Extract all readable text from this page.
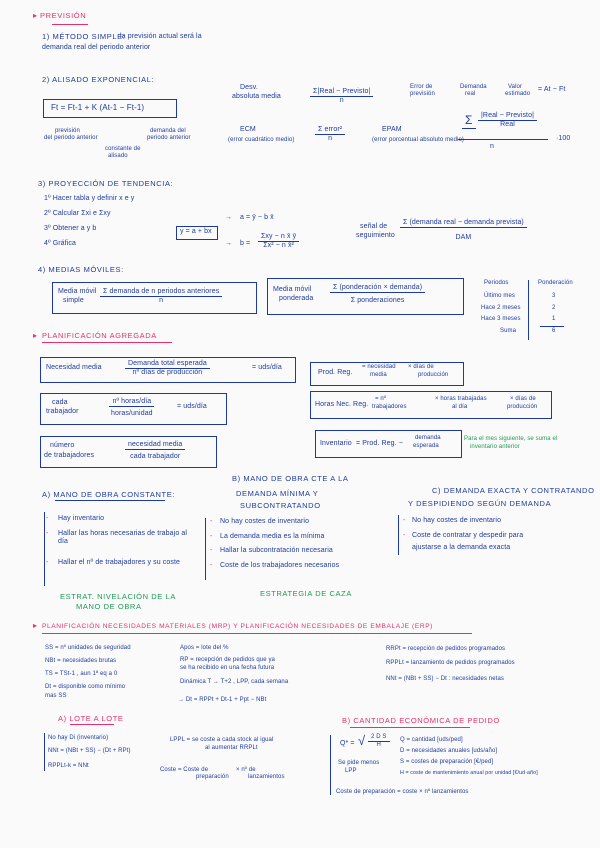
PREVISIÓN
▸
1) MÉTODO SIMPLE:
la previsión actual será la
demanda real del periodo anterior
2) ALISADO EXPONENCIAL:
Ft = Ft-1 + K (At-1 − Ft-1)
previsión
del periodo anterior
constante de
alisado
demanda del
periodo anterior
Desv.
absoluta media	$\frac{\text{Σ|Real − Previsto|}}{n}$
Error de
previsión
Demanda
real
Valor
estimado
= At − Ft
ECM
(error cuadrático medio)	$\frac{\text{Σ error²}}{n}$	EPAM
(error porcentual absoluto medio)
Σ $\frac{\text{|Real − Previsto|}}{\text{Real}}$
n
·100
3) PROYECCIÓN DE TENDENCIA:
1º Hacer tabla y definir x e y
2º Calcular Σxi e Σxy
3º Obtener a y b
4º Gráfica
y = a + bx
→ a = ȳ − b x̄
→ $b = \frac{\text{Σxy − n x̄ ȳ}}{\text{Σx² − n x̄²}}$
señal de
seguimiento $\frac{\text{Σ (demanda real − demanda prevista)}}{\text{DAM}}$
4) MEDIAS MÓVILES:
Media móvil
simple $\frac{\text{Σ demanda de n periodos anteriores}}{n}$	Media móvil
ponderada $\frac{\text{Σ (ponderación × demanda)}}{\text{Σ ponderaciones}}$
Periodos	Ponderación
Último mes	3
Hace 2 meses	2
Hace 3 meses	1
Suma	6
▸ PLANIFICACIÓN AGREGADA
Necesidad media	$\frac{\text{Demanda total esperada}}{\text{nº días de producción}}$	= uds/día
Prod. Reg.
= necesidad
media
× días de
producción
cada
trabajador	$\frac{\text{nº horas/día}}{\text{horas/unidad}}$	= uds/día	Horas Nec. Reg.
= nº
trabajadores
× horas trabajadas
al día
× días de
producción
número
de trabajadores	$\frac{\text{necesidad media}}{\text{cada trabajador}}$	Inventario = Prod. Reg. −
demanda
esperada
Para el mes siguiente, se suma el
inventario anterior
A) MANO DE OBRA CONSTANTE:
- Hay inventario
- Hallar las horas necesarias de trabajo al día
- Hallar el nº de trabajadores y su coste
ESTRAT. NIVELACIÓN DE LA
MANO DE OBRA
B) MANO DE OBRA CTE A LA
DEMANDA MÍNIMA Y
SUBCONTRATANDO
- No hay costes de inventario
- La demanda media es la mínima
- Hallar la subcontratación necesaria
- Coste de los trabajadores necesarios
ESTRATEGIA DE CAZA
C) DEMANDA EXACTA Y CONTRATANDO
Y DESPIDIENDO SEGÚN DEMANDA
- No hay costes de inventario
- Coste de contratar y despedir para
ajustarse a la demanda exacta
▸ PLANIFICACIÓN NECESIDADES MATERIALES (MRP) Y PLANIFICACIÓN NECESIDADES DE EMBALAJE (ERP)
SS = nº unidades de seguridad
NBt = necesidades brutas
TS = TSt-1 , aun 1ª eq a 0
Dt = disponible como mínimo
mas SS
Apos = lote del %
RP = recepción de pedidos que ya
se ha recibido en una fecha futura
Dinámica T → T+2 , LPP, cada semana
→ Dt = RPPt + Dt-1 + Ppt − NBt
RRPt = recepción de pedidos programados
RPPLt = lanzamiento de pedidos programados
NNt = (NBt + SS) − Dt : necesidades netas
A) LOTE A LOTE
No hay Di (inventario)
NNt = (NBt + SS) − (Dt + RPt)
RPPLt-k = NNt
LPPL = se coste a cada stock al igual
al aumentar RRPLt
Coste = Coste de
preparación
× nº de
lanzamientos
B) CANTIDAD ECONÓMICA DE PEDIDO
Q* = √ $\frac{\text{2 D S}}{H}$
Se pide menos
LPP
Q = cantidad [uds/ped]
D = necesidades anuales [uds/año]
S = costes de preparación [€/ped]
H = coste de mantenimiento anual por unidad [€/ud·año]
Coste de preparación = coste × nº lanzamientos
